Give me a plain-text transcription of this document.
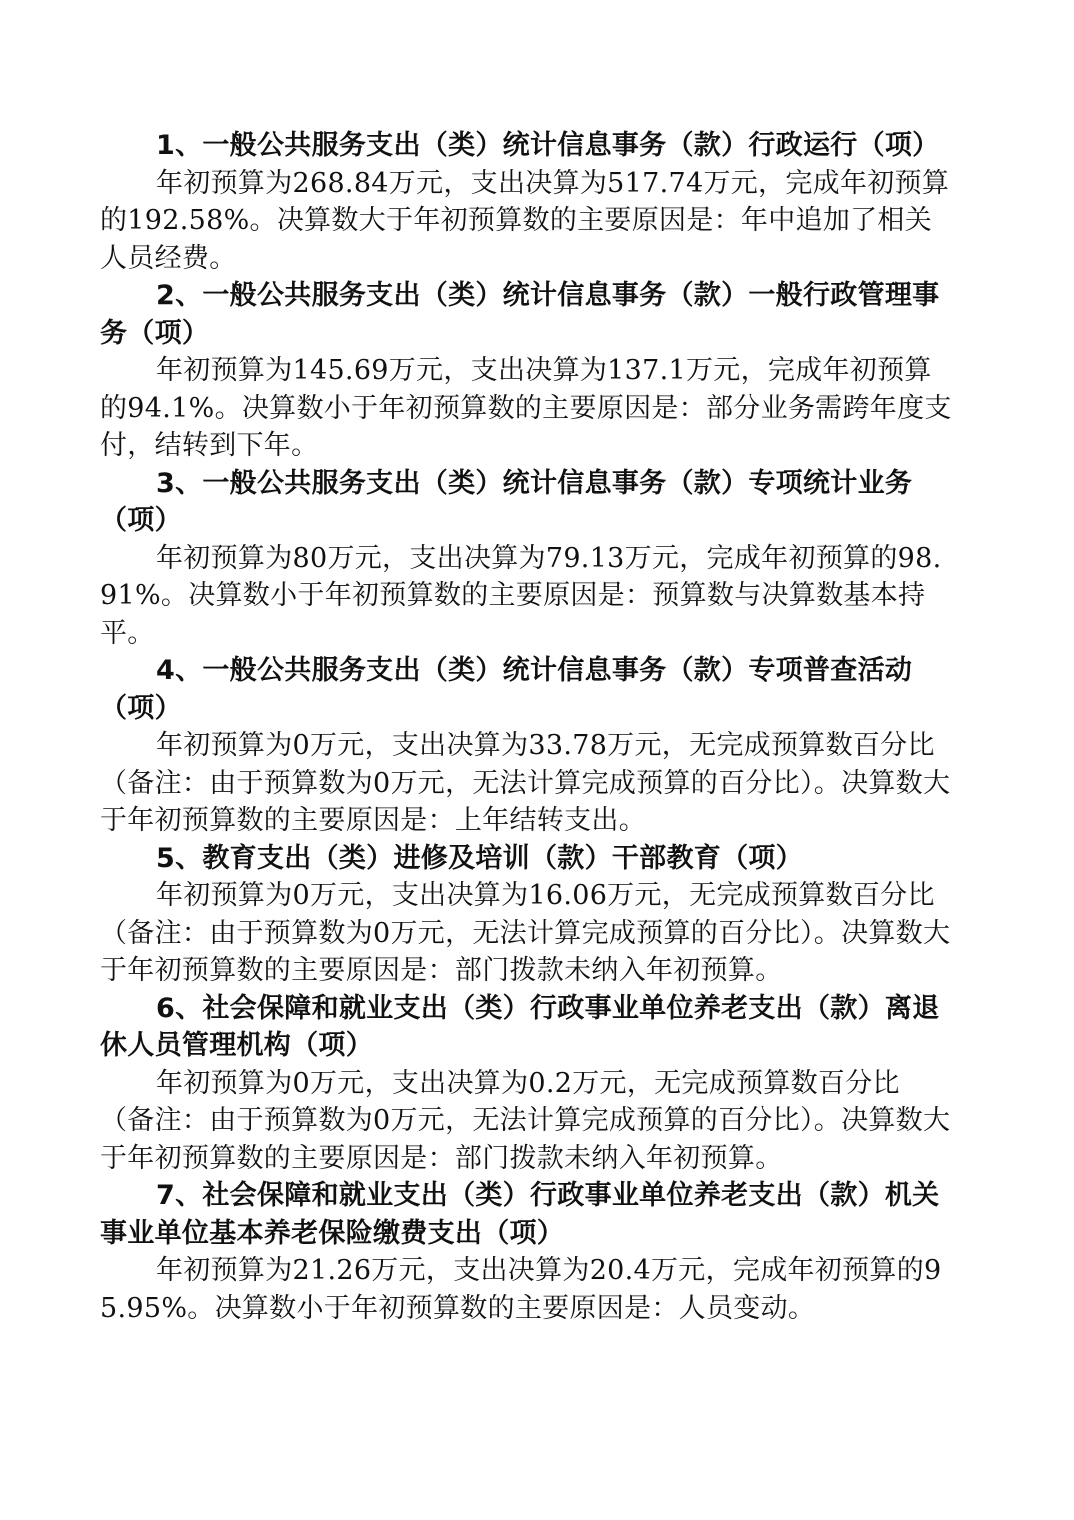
1、一般公共服务支出（类）统计信息事务（款）行政运行（项）

年初预算为268.84万元，支出决算为517.74万元，完成年初预算的192.58%。决算数大于年初预算数的主要原因是：年中追加了相关人员经费。

2、一般公共服务支出（类）统计信息事务（款）一般行政管理事务（项）

年初预算为145.69万元，支出决算为137.1万元，完成年初预算的94.1%。决算数小于年初预算数的主要原因是：部分业务需跨年度支付，结转到下年。

3、一般公共服务支出（类）统计信息事务（款）专项统计业务（项）

年初预算为80万元，支出决算为79.13万元，完成年初预算的98.91%。决算数小于年初预算数的主要原因是：预算数与决算数基本持平。

4、一般公共服务支出（类）统计信息事务（款）专项普查活动（项）

年初预算为0万元，支出决算为33.78万元，无完成预算数百分比（备注：由于预算数为0万元，无法计算完成预算的百分比）。决算数大于年初预算数的主要原因是：上年结转支出。

5、教育支出（类）进修及培训（款）干部教育（项）

年初预算为0万元，支出决算为16.06万元，无完成预算数百分比（备注：由于预算数为0万元，无法计算完成预算的百分比）。决算数大于年初预算数的主要原因是：部门拨款未纳入年初预算。

6、社会保障和就业支出（类）行政事业单位养老支出（款）离退休人员管理机构（项）

年初预算为0万元，支出决算为0.2万元，无完成预算数百分比（备注：由于预算数为0万元，无法计算完成预算的百分比）。决算数大于年初预算数的主要原因是：部门拨款未纳入年初预算。

7、社会保障和就业支出（类）行政事业单位养老支出（款）机关事业单位基本养老保险缴费支出（项）

年初预算为21.26万元，支出决算为20.4万元，完成年初预算的95.95%。决算数小于年初预算数的主要原因是：人员变动。
